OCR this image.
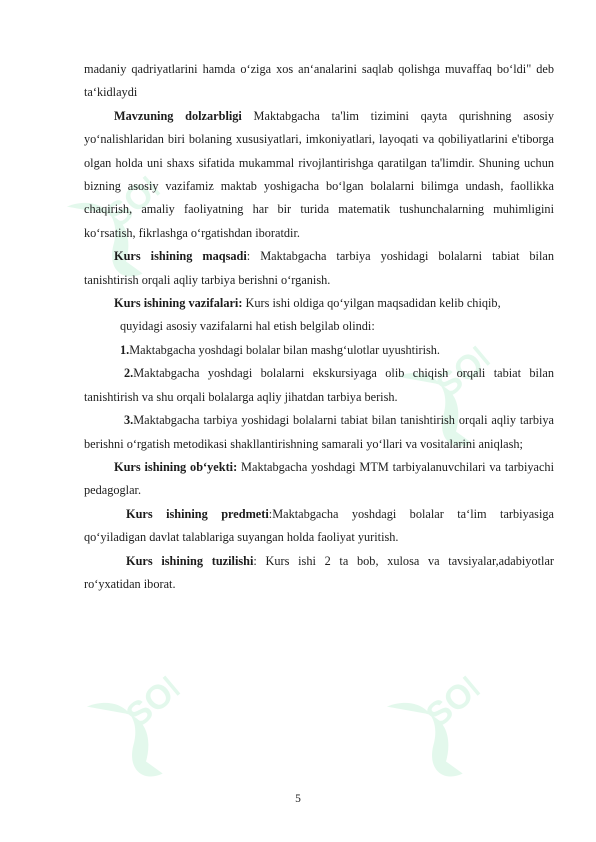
SOFF
SOFF
SOFF	SOFF

madaniy qadriyatlarini hamda o‘ziga xos an‘analarini saqlab qolishga muvaffaq bo‘ldi" deb ta‘kidlaydi

Mavzuning dolzarbligi Maktabgacha ta'lim tizimini qayta qurishning asosiy yo‘nalishlaridan biri bolaning xususiyatlari, imkoniyatlari, layoqati va qobiliyatlarini e'tiborga olgan holda uni shaxs sifatida mukammal rivojlantirishga qaratilgan ta'limdir. Shuning uchun bizning asosiy vazifamiz maktab yoshigacha bo‘lgan bolalarni bilimga undash, faollikka chaqirish, amaliy faoliyatning har bir turida matematik tushunchalarning muhimligini ko‘rsatish, fikrlashga o‘rgatishdan iboratdir.

Kurs ishining maqsadi: Maktabgacha tarbiya yoshidagi bolalarni tabiat bilan tanishtirish orqali aqliy tarbiya berishni o‘rganish.

Kurs ishining vazifalari: Kurs ishi oldiga qo‘yilgan maqsadidan kelib chiqib,

quyidagi asosiy vazifalarni hal etish belgilab olindi:

1.Maktabgacha yoshdagi bolalar bilan mashg‘ulotlar uyushtirish.

2.Maktabgacha yoshdagi bolalarni ekskursiyaga olib chiqish orqali tabiat bilan tanishtirish va shu orqali bolalarga aqliy jihatdan tarbiya berish.

3.Maktabgacha tarbiya yoshidagi bolalarni tabiat bilan tanishtirish orqali aqliy tarbiya berishni o‘rgatish metodikasi shakllantirishning samarali yo‘llari va vositalarini aniqlash;

Kurs ishining ob‘yekti: Maktabgacha yoshdagi MTM tarbiyalanuvchilari va tarbiyachi pedagoglar.

Kurs ishining predmeti:Maktabgacha yoshdagi bolalar ta‘lim tarbiyasiga qo‘yiladigan davlat talablariga suyangan holda faoliyat yuritish.

Kurs ishining tuzilishi: Kurs ishi 2 ta bob, xulosa va tavsiyalar,adabiyotlar ro‘yxatidan iborat.

5
